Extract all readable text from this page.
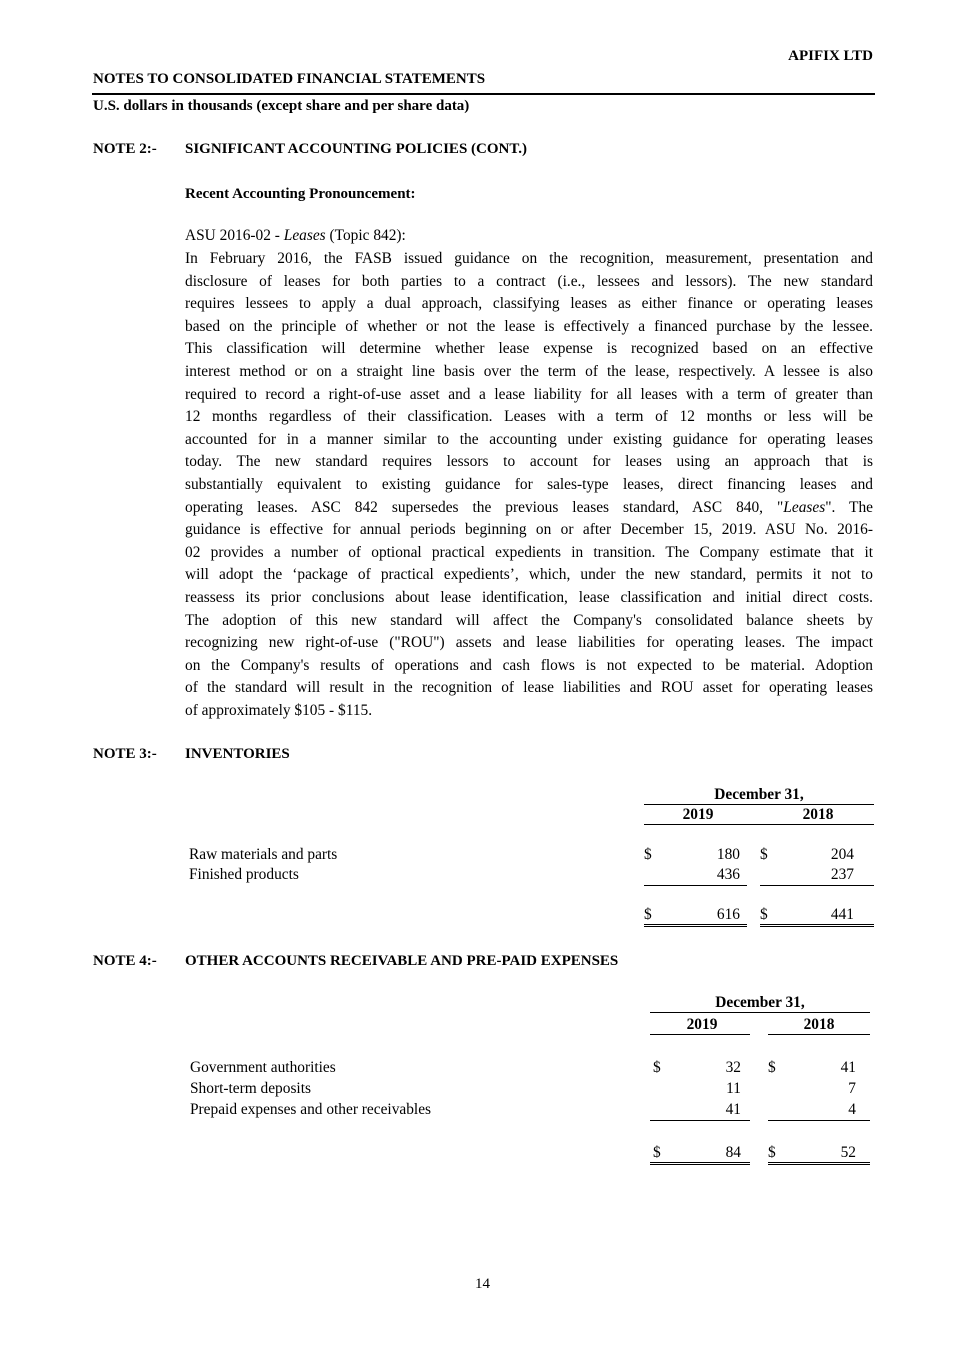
APIFIX LTD
NOTES TO CONSOLIDATED FINANCIAL STATEMENTS
U.S. dollars in thousands (except share and per share data)
NOTE 2:- SIGNIFICANT ACCOUNTING POLICIES (CONT.)
Recent Accounting Pronouncement:
ASU 2016-02 - Leases (Topic 842):
In February 2016, the FASB issued guidance on the recognition, measurement, presentation and
disclosure of leases for both parties to a contract (i.e., lessees and lessors). The new standard
requires lessees to apply a dual approach, classifying leases as either finance or operating leases
based on the principle of whether or not the lease is effectively a financed purchase by the lessee.
This classification will determine whether lease expense is recognized based on an effective
interest method or on a straight line basis over the term of the lease, respectively. A lessee is also
required to record a right-of-use asset and a lease liability for all leases with a term of greater than
12 months regardless of their classification. Leases with a term of 12 months or less will be
accounted for in a manner similar to the accounting under existing guidance for operating leases
today. The new standard requires lessors to account for leases using an approach that is
substantially equivalent to existing guidance for sales-type leases, direct financing leases and
operating leases. ASC 842 supersedes the previous leases standard, ASC 840, "Leases". The
guidance is effective for annual periods beginning on or after December 15, 2019. ASU No. 2016-
02 provides a number of optional practical expedients in transition. The Company estimate that it
will adopt the ‘package of practical expedients’, which, under the new standard, permits it not to
reassess its prior conclusions about lease identification, lease classification and initial direct costs.
The adoption of this new standard will affect the Company's consolidated balance sheets by
recognizing new right-of-use ("ROU") assets and lease liabilities for operating leases. The impact
on the Company's results of operations and cash flows is not expected to be material. Adoption
of the standard will result in the recognition of lease liabilities and ROU asset for operating leases
of approximately $105 - $115.
NOTE 3:- INVENTORIES
December 31,
2019	2018
Raw materials and parts	$	180 $	204
Finished products	436	237
$	616 $	441
NOTE 4:- OTHER ACCOUNTS RECEIVABLE AND PRE-PAID EXPENSES
December 31,
2019	2018
Government authorities	$	32 $	41
Short-term deposits	11	7
Prepaid expenses and other receivables	41	4
$	84 $	52
14
